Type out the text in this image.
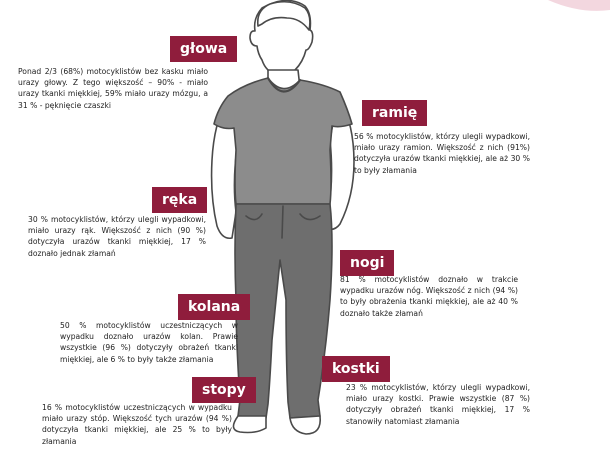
głowa
Ponad 2/3 (68%) motocyklistów bez kasku miało urazy głowy. Z tego większość – 90% - miało urazy tkanki miękkiej, 59% miało urazy mózgu, a 31 % - pęknięcie czaszki	ramię
56 % motocyklistów, którzy ulegli wypadkowi, miało urazy ramion. Większość z nich (91%) dotyczyła urazów tkanki miękkiej, ale aż 30 % to były złamania
ręka
30 % motocyklistów, którzy ulegli wypadkowi, miało urazy rąk. Większość z nich (90 %) dotyczyła urazów tkanki miękkiej, 17 % doznało jednak złamań
nogi
81 % motocyklistów doznało w trakcie wypadku urazów nóg. Większość z nich (94 %) to były obrażenia tkanki miękkiej, ale aż 40 % doznało także złamań
kolana
50 % motocyklistów uczestniczących w wypadku doznało urazów kolan. Prawie wszystkie (96 %) dotyczyły obrażeń tkanki miękkiej, ale 6 % to były także złamania
kostki
23 % motocyklistów, którzy ulegli wypadkowi, miało urazy kostki. Prawie wszystkie (87 %) dotyczyły obrażeń tkanki miękkiej, 17 % stanowiły natomiast złamania
stopy
16 % motocyklistów uczestniczących w wypadku miało urazy stóp. Większość tych urazów (94 %) dotyczyła tkanki miękkiej, ale 25 % to były złamania
